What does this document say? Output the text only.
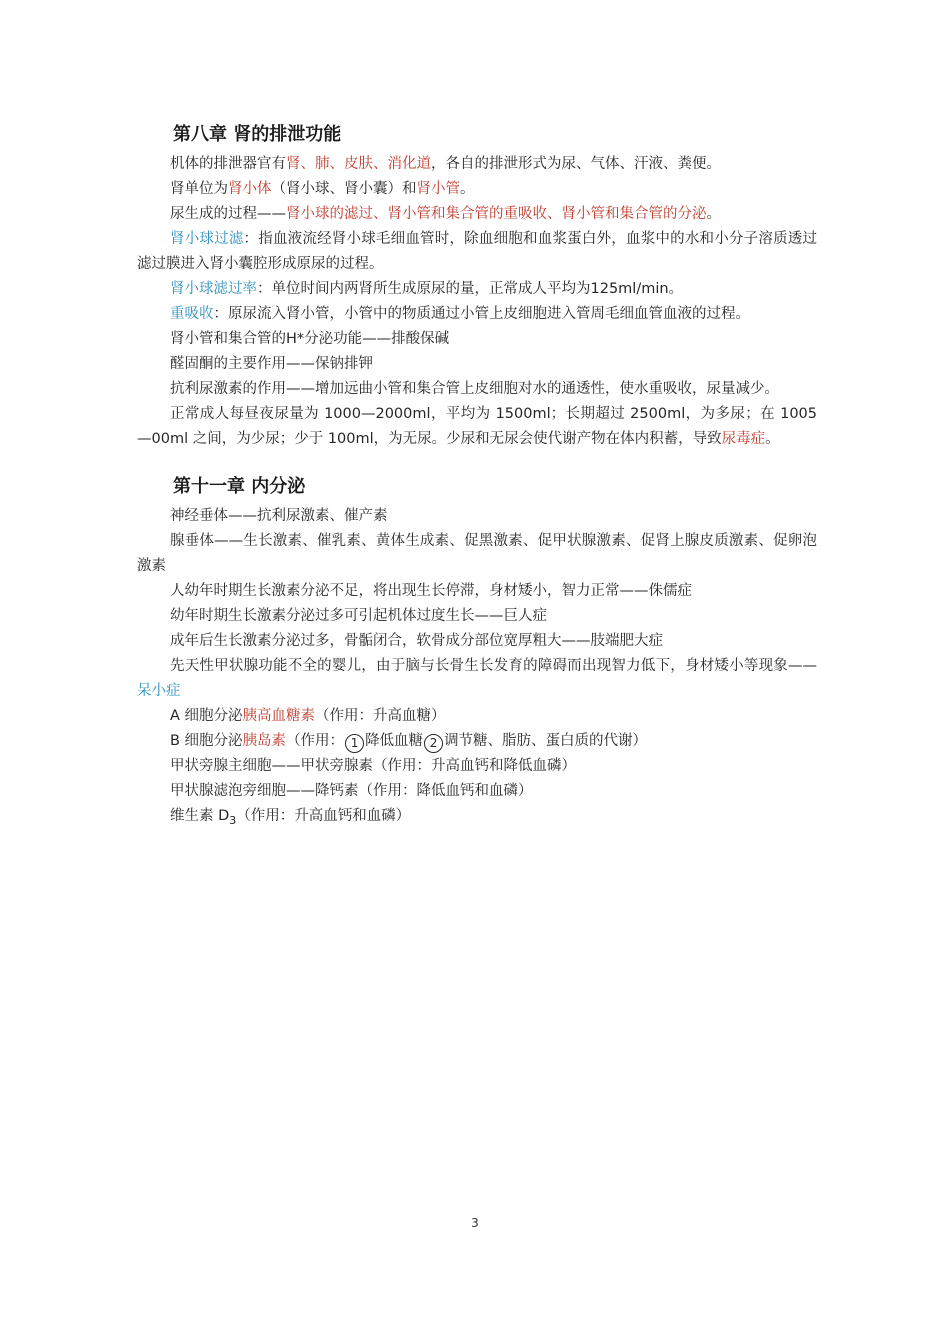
第八章 肾的排泄功能

机体的排泄器官有肾、肺、皮肤、消化道，各自的排泄形式为尿、气体、汗液、粪便。

肾单位为肾小体（肾小球、肾小囊）和肾小管。

尿生成的过程——肾小球的滤过、肾小管和集合管的重吸收、肾小管和集合管的分泌。

肾小球过滤：指血液流经肾小球毛细血管时，除血细胞和血浆蛋白外，血浆中的水和小分子溶质透过滤过膜进入肾小囊腔形成原尿的过程。

肾小球滤过率：单位时间内两肾所生成原尿的量，正常成人平均为125ml/min。

重吸收：原尿流入肾小管，小管中的物质通过小管上皮细胞进入管周毛细血管血液的过程。

肾小管和集合管的H*分泌功能——排酸保碱

醛固酮的主要作用——保钠排钾

抗利尿激素的作用——增加远曲小管和集合管上皮细胞对水的通透性，使水重吸收，尿量减少。

正常成人每昼夜尿量为 1000—2000ml，平均为 1500ml；长期超过 2500ml，为多尿；在 1005—00ml 之间，为少尿；少于 100ml，为无尿。少尿和无尿会使代谢产物在体内积蓄，导致尿毒症。

第十一章 内分泌

神经垂体——抗利尿激素、催产素

腺垂体——生长激素、催乳素、黄体生成素、促黑激素、促甲状腺激素、促肾上腺皮质激素、促卵泡激素

人幼年时期生长激素分泌不足，将出现生长停滞，身材矮小，智力正常——侏儒症

幼年时期生长激素分泌过多可引起机体过度生长——巨人症

成年后生长激素分泌过多，骨骺闭合，软骨成分部位宽厚粗大——肢端肥大症

先天性甲状腺功能不全的婴儿，由于脑与长骨生长发育的障碍而出现智力低下，身材矮小等现象——呆小症

A 细胞分泌胰高血糖素（作用：升高血糖）

B 细胞分泌胰岛素（作用： 1 降低血糖 2 调节糖、脂肪、蛋白质的代谢）

甲状旁腺主细胞——甲状旁腺素（作用：升高血钙和降低血磷）

甲状腺滤泡旁细胞——降钙素（作用：降低血钙和血磷）

维生素 $D_3$（作用：升高血钙和血磷）

3
